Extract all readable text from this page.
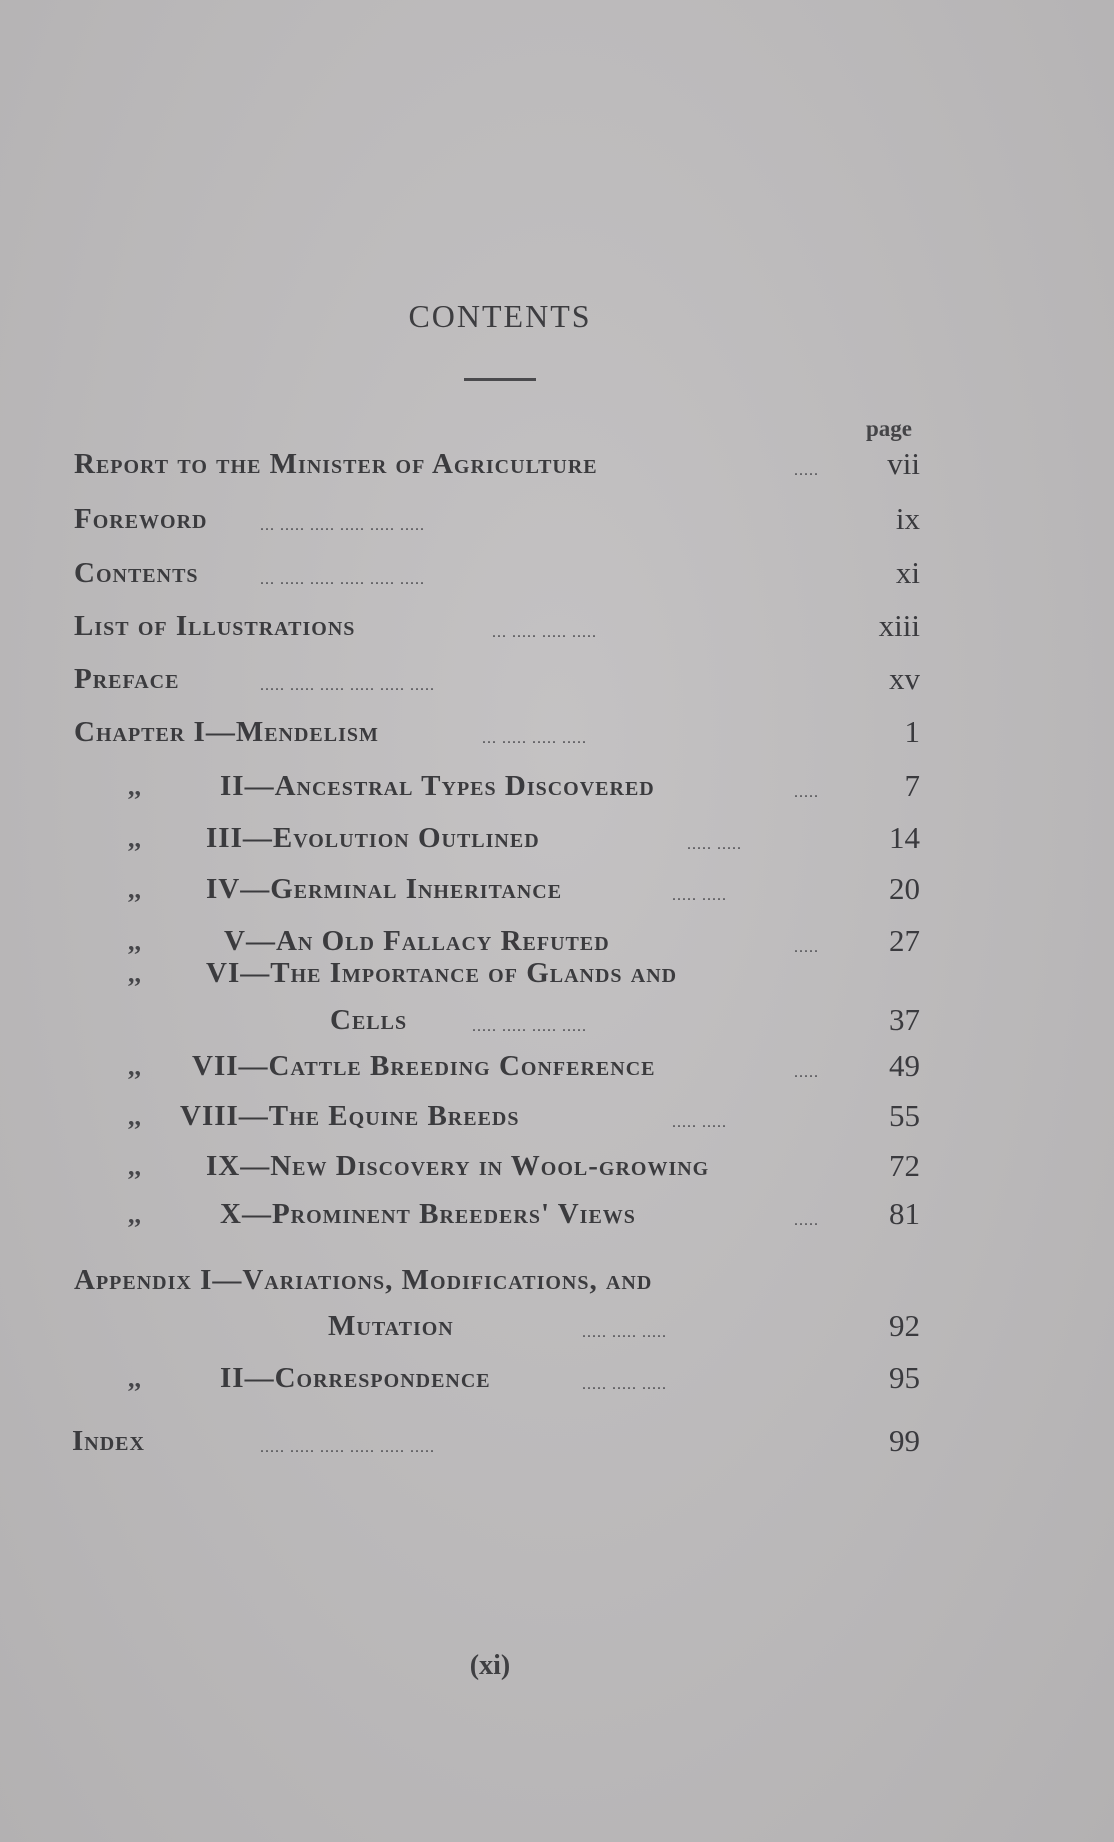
CONTENTS
page
Report to the Minister of Agriculture	.....	vii
Foreword	... ..... ..... ..... ..... .....	ix
Contents	... ..... ..... ..... ..... .....	xi
List of Illustrations	... ..... ..... .....	xiii
Preface	..... ..... ..... ..... ..... .....	xv
Chapter I—Mendelism	... ..... ..... .....	1
,,	II—Ancestral Types Discovered	.....	7
,, III—Evolution Outlined	..... .....	14
,, IV—Germinal Inheritance	..... .....	20
,,	V—An Old Fallacy Refuted	.....	27
,, VI—The Importance of Glands and
Cells	..... ..... ..... .....	37
,, VII—Cattle Breeding Conference	.....	49
,, VIII—The Equine Breeds	..... .....	55
,, IX—New Discovery in Wool-growing	72
,,	X—Prominent Breeders' Views	.....	81
Appendix I—Variations, Modifications, and
Mutation	..... ..... .....	92
,,	II—Correspondence	..... ..... .....	95
Index	..... ..... ..... ..... ..... .....	99
(xi)
